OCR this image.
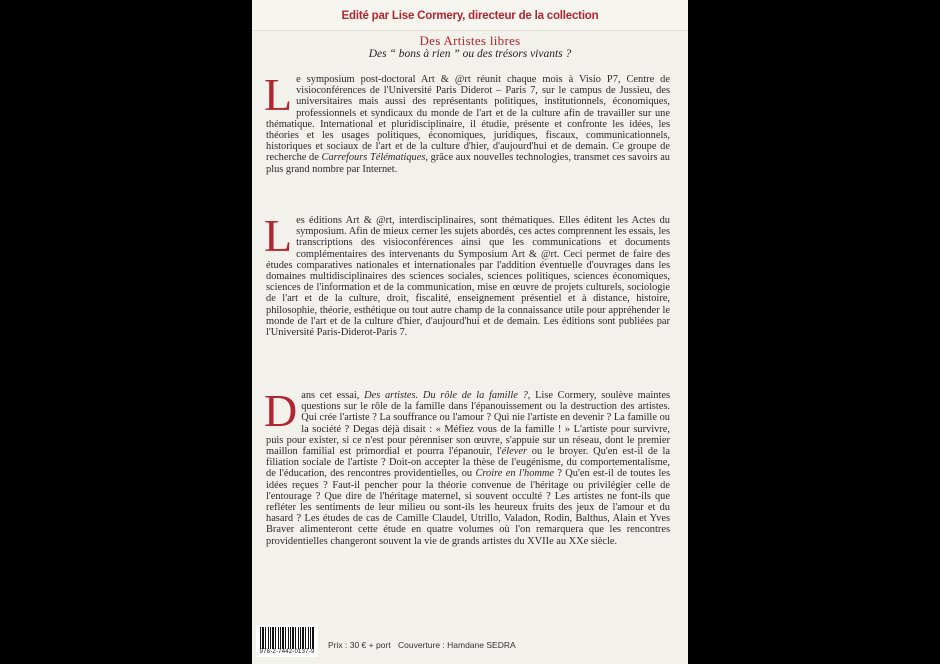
Edité par Lise Cormery, directeur de la collection
Des Artistes libres
Des “ bons à rien ” ou des trésors vivants ?
Le symposium post-doctoral Art & @rt réunit chaque mois à Visio P7, Centre de visioconférences de l'Université Paris Diderot – Paris 7, sur le campus de Jussieu, des universitaires mais aussi des représentants politiques, institutionnels, économiques, professionnels et syndicaux du monde de l'art et de la culture afin de travailler sur une thématique. International et pluridisciplinaire, il étudie, présente et confronte les idées, les théories et les usages politiques, économiques, juridiques, fiscaux, communicationnels, historiques et sociaux de l'art et de la culture d'hier, d'aujourd'hui et de demain. Ce groupe de recherche de Carrefours Télématiques, grâce aux nouvelles technologies, transmet ces savoirs au plus grand nombre par Internet.
Les éditions Art & @rt, interdisciplinaires, sont thématiques. Elles éditent les Actes du symposium. Afin de mieux cerner les sujets abordés, ces actes comprennent les essais, les transcriptions des visioconférences ainsi que les communications et documents complémentaires des intervenants du Symposium Art & @rt. Ceci permet de faire des études comparatives nationales et internationales par l'addition éventuelle d'ouvrages dans les domaines multidisciplinaires des sciences sociales, sciences politiques, sciences économiques, sciences de l'information et de la communication, mise en œuvre de projets culturels, sociologie de l'art et de la culture, droit, fiscalité, enseignement présentiel et à distance, histoire, philosophie, théorie, esthétique ou tout autre champ de la connaissance utile pour appréhender le monde de l'art et de la culture d'hier, d'aujourd'hui et de demain. Les éditions sont publiées par l'Université Paris-Diderot-Paris 7.
Dans cet essai, Des artistes. Du rôle de la famille ?, Lise Cormery, soulève maintes questions sur le rôle de la famille dans l'épanouissement ou la destruction des artistes. Qui crée l'artiste ? La souffrance ou l'amour ? Qui nie l'artiste en devenir ? La famille ou la société ? Degas déjà disait : « Méfiez vous de la famille ! » L'artiste pour survivre, puis pour exister, si ce n'est pour pérenniser son œuvre, s'appuie sur un réseau, dont le premier maillon familial est primordial et pourra l'épanouir, l'élever ou le broyer. Qu'en est-il de la filiation sociale de l'artiste ? Doit-on accepter la thèse de l'eugénisme, du comportementalisme, de l'éducation, des rencontres providentielles, ou Croire en l'homme ? Qu'en est-il de toutes les idées reçues ? Faut-il pencher pour la théorie convenue de l'héritage ou privilégier celle de l'entourage ? Que dire de l'héritage maternel, si souvent occulté ? Les artistes ne font-ils que refléter les sentiments de leur milieu ou sont-ils les heureux fruits des jeux de l'amour et du hasard ? Les études de cas de Camille Claudel, Utrillo, Valadon, Rodin, Balthus, Alain et Yves Braver alimenteront cette étude en quatre volumes où l'on remarquera que les rencontres providentielles changeront souvent la vie de grands artistes du XVIIe au XXe siècle.
978-2-7442-0137-9
Prix : 30 € + port Couverture : Hamdane SEDRA
